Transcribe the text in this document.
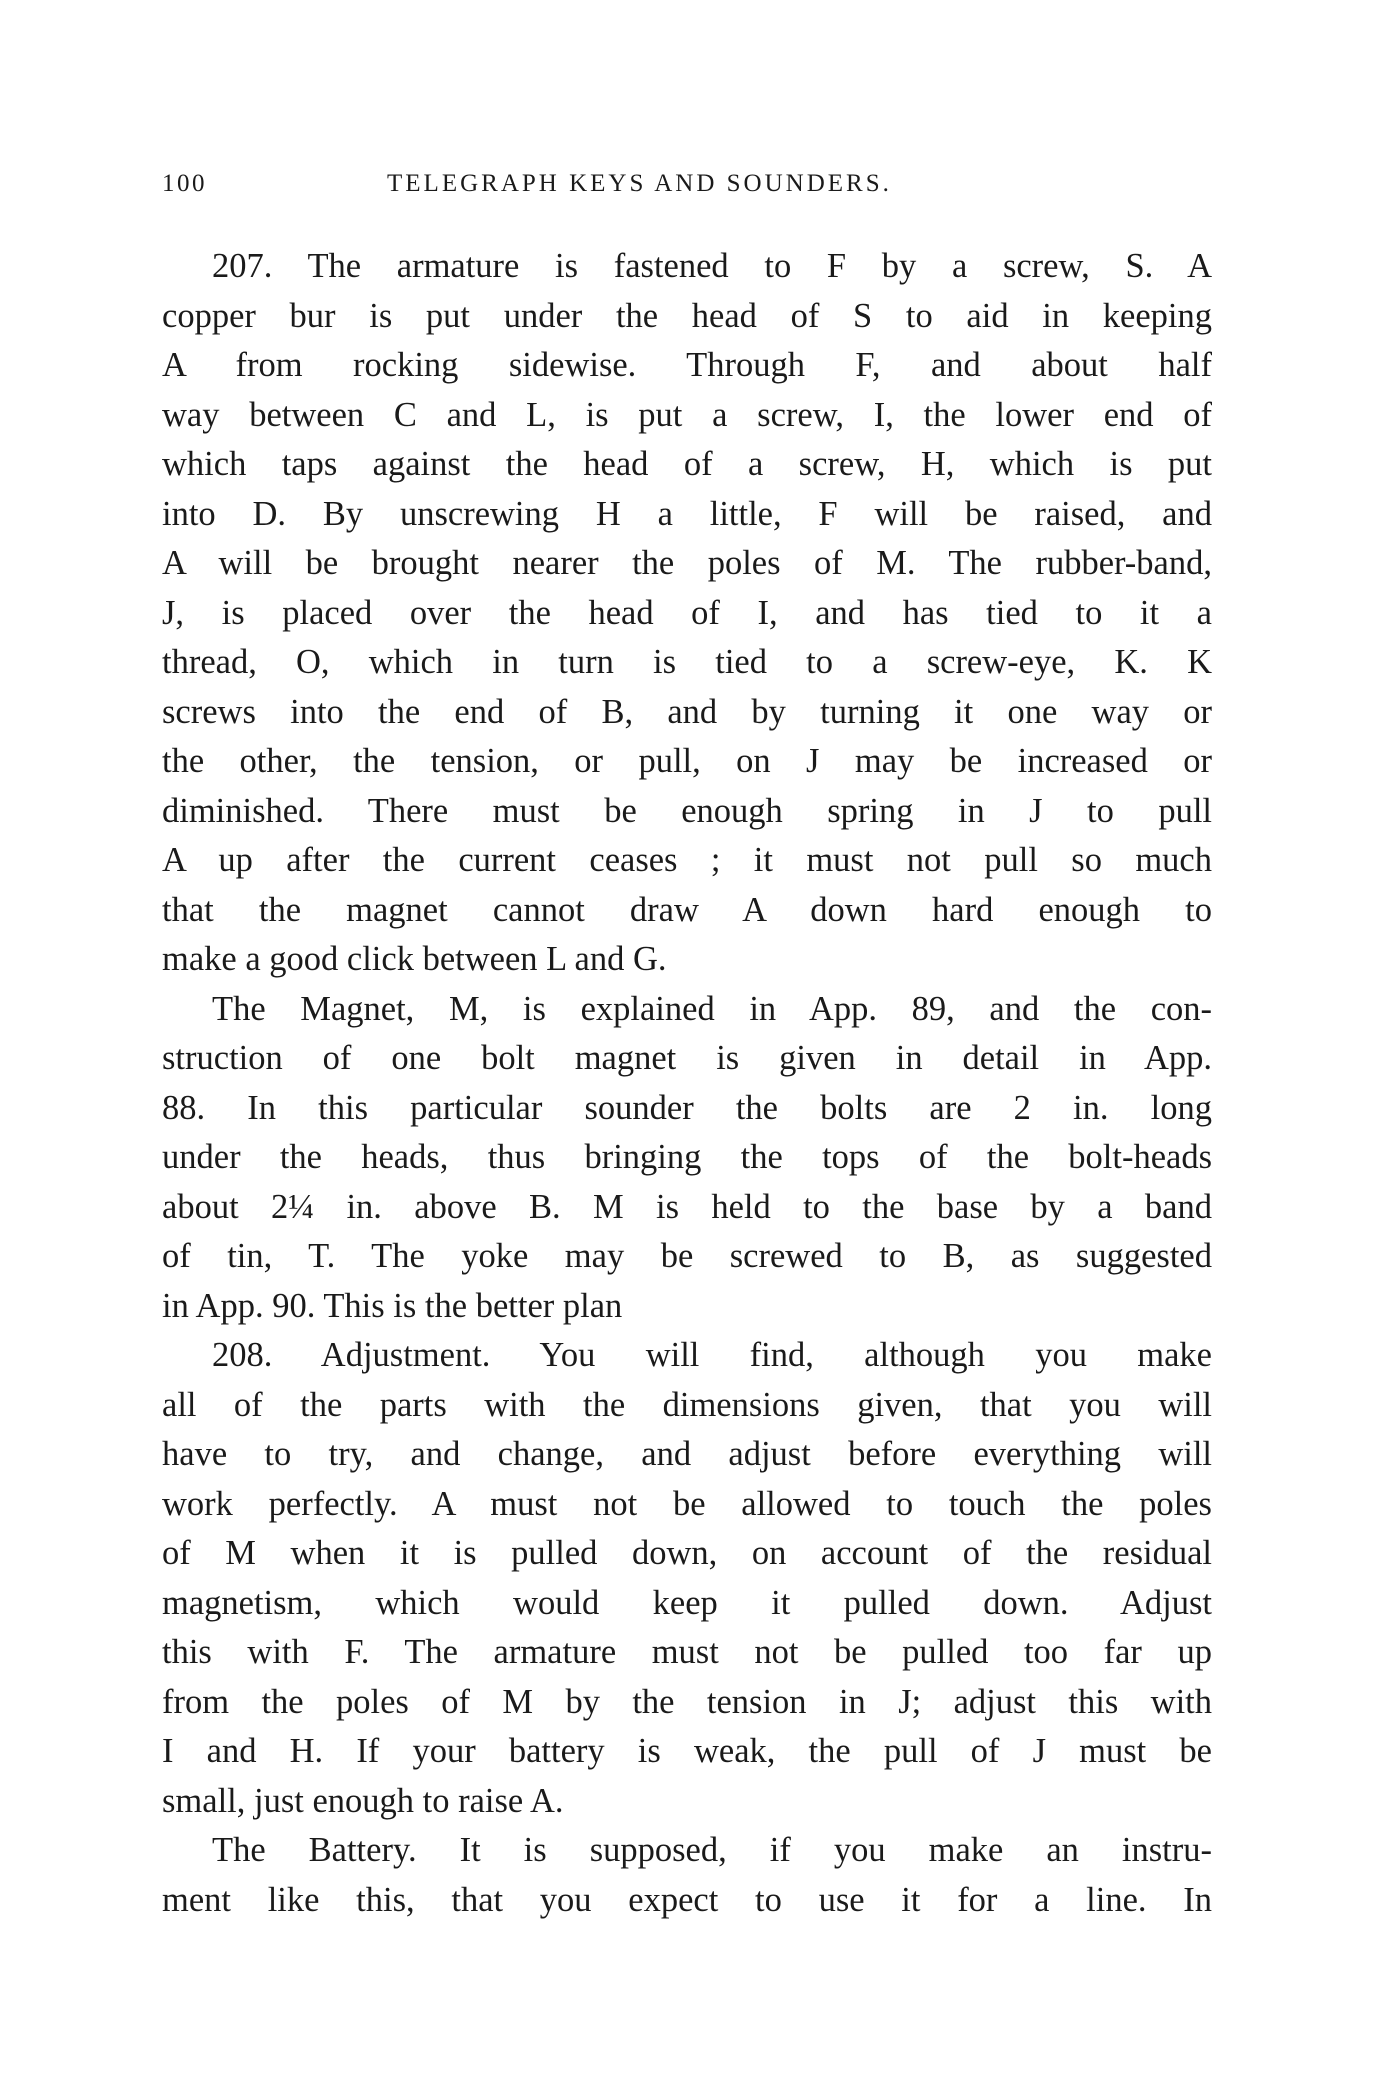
100	TELEGRAPH KEYS AND SOUNDERS.
207. The armature is fastened to F by a screw, S. A
copper bur is put under the head of S to aid in keeping
A from rocking sidewise. Through F, and about half
way between C and L, is put a screw, I, the lower end of
which taps against the head of a screw, H, which is put
into D. By unscrewing H a little, F will be raised, and
A will be brought nearer the poles of M. The rubber-band,
J, is placed over the head of I, and has tied to it a
thread, O, which in turn is tied to a screw-eye, K. K
screws into the end of B, and by turning it one way or
the other, the tension, or pull, on J may be increased or
diminished. There must be enough spring in J to pull
A up after the current ceases ; it must not pull so much
that the magnet cannot draw A down hard enough to
make a good click between L and G.
The Magnet, M, is explained in App. 89, and the con-
struction of one bolt magnet is given in detail in App.
88. In this particular sounder the bolts are 2 in. long
under the heads, thus bringing the tops of the bolt-heads
about 2¼ in. above B. M is held to the base by a band
of tin, T. The yoke may be screwed to B, as suggested
in App. 90. This is the better plan
208. Adjustment. You will find, although you make
all of the parts with the dimensions given, that you will
have to try, and change, and adjust before everything will
work perfectly. A must not be allowed to touch the poles
of M when it is pulled down, on account of the residual
magnetism, which would keep it pulled down. Adjust
this with F. The armature must not be pulled too far up
from the poles of M by the tension in J; adjust this with
I and H. If your battery is weak, the pull of J must be
small, just enough to raise A.
The Battery. It is supposed, if you make an instru-
ment like this, that you expect to use it for a line. In
